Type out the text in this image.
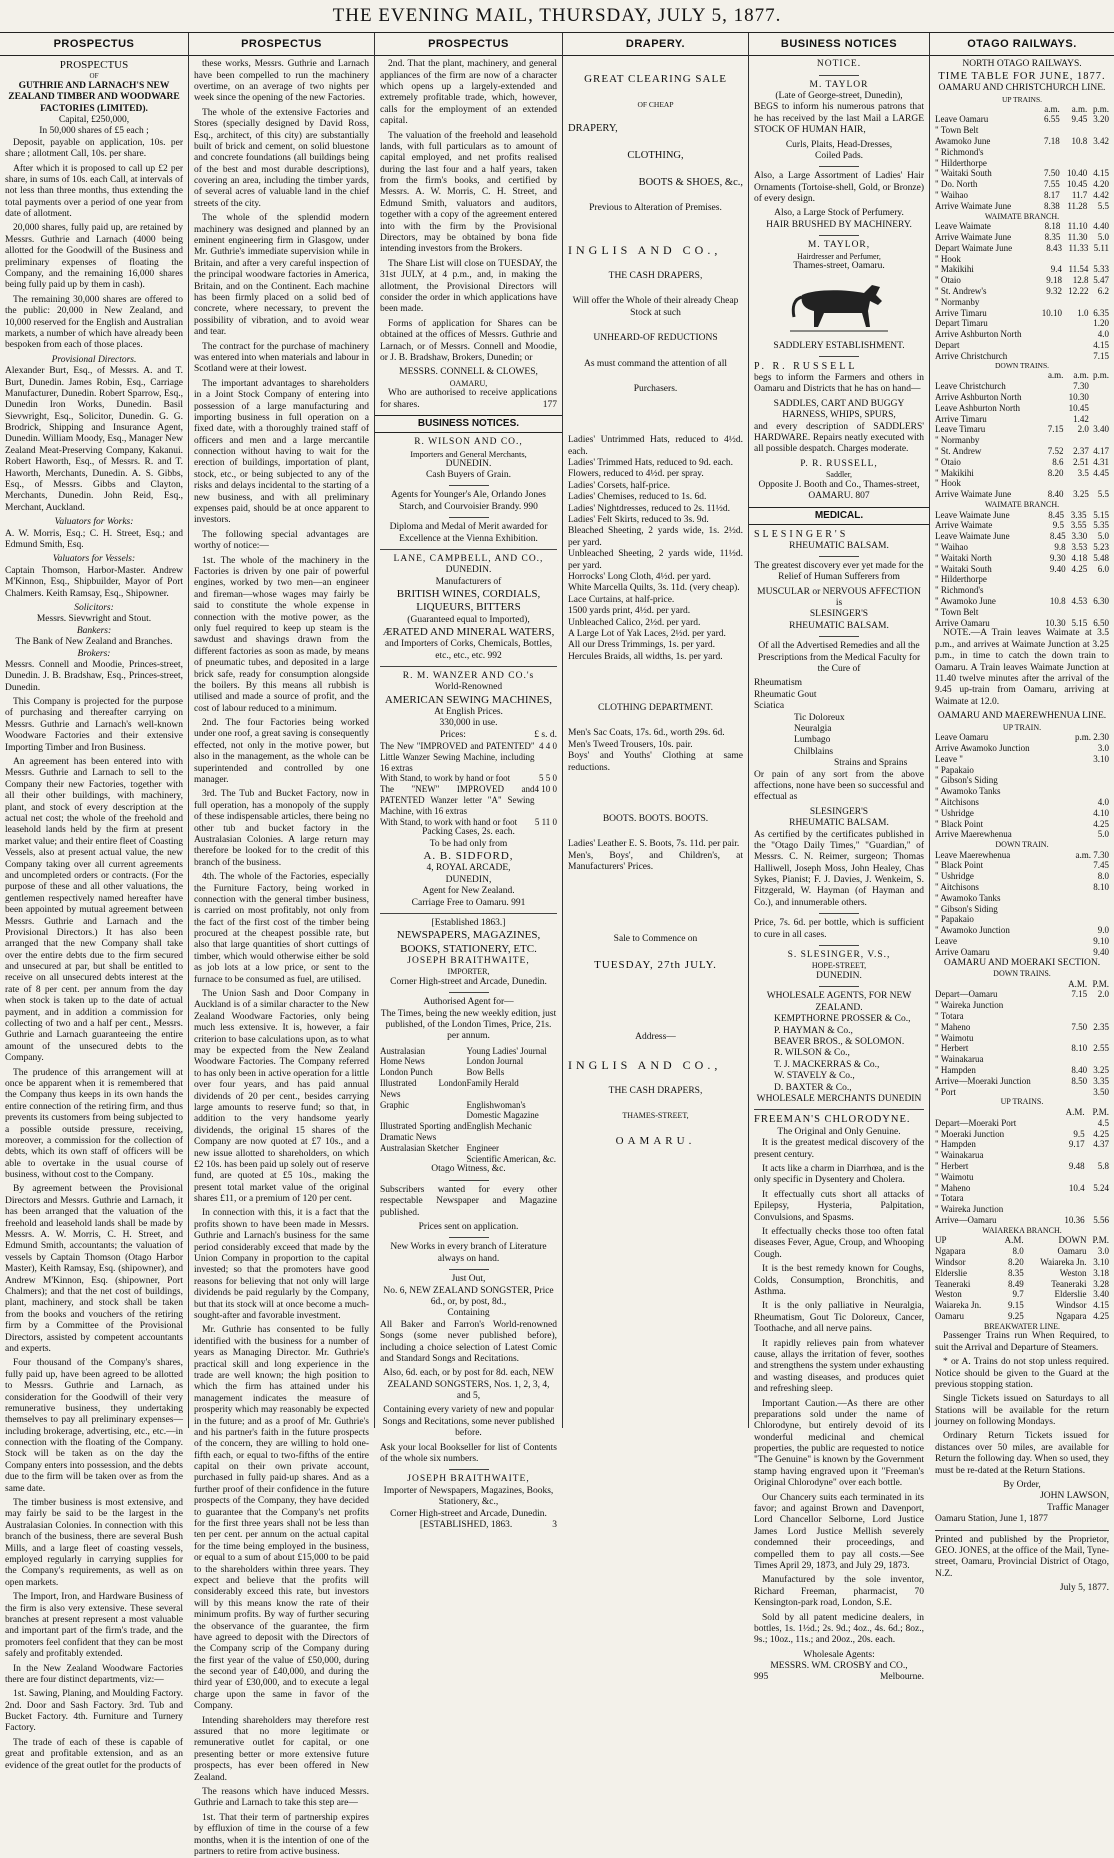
THE EVENING MAIL, THURSDAY, JULY 5, 1877.
PROSPECTUS
PROSPECTUS
OF
GUTHRIE AND LARNACH'S NEW ZEALAND TIMBER AND WOODWARE FACTORIES (LIMITED).
Capital, £250,000,
In 50,000 shares of £5 each ;

Deposit, payable on application, 10s. per share ; allotment Call, 10s. per share.

After which it is proposed to call up £2 per share, in sums of 10s. each Call, at intervals of not less than three months, thus extending the total payments over a period of one year from date of allotment.

20,000 shares, fully paid up, are retained by Messrs. Guthrie and Larnach (4000 being allotted for the Goodwill of the Business and preliminary expenses of floating the Company, and the remaining 16,000 shares being fully paid up by them in cash).

The remaining 30,000 shares are offered to the public: 20,000 in New Zealand, and 10,000 reserved for the English and Australian markets, a number of which have already been bespoken from each of those places.

Provisional Directors.

Alexander Burt, Esq., of Messrs. A. and T. Burt, Dunedin. James Robin, Esq., Carriage Manufacturer, Dunedin. Robert Sparrow, Esq., Dunedin Iron Works, Dunedin. Basil Sievwright, Esq., Solicitor, Dunedin. G. G. Brodrick, Shipping and Insurance Agent, Dunedin. William Moody, Esq., Manager New Zealand Meat-Preserving Company, Kakanui. Robert Haworth, Esq., of Messrs. R. and T. Haworth, Merchants, Dunedin. A. S. Gibbs, Esq., of Messrs. Gibbs and Clayton, Merchants, Dunedin. John Reid, Esq., Merchant, Auckland.

Valuators for Works:

A. W. Morris, Esq.; C. H. Street, Esq.; and Edmund Smith, Esq.

Valuators for Vessels:

Captain Thomson, Harbor-Master. Andrew M'Kinnon, Esq., Shipbuilder, Mayor of Port Chalmers. Keith Ramsay, Esq., Shipowner.

Solicitors:
Messrs. Sievwright and Stout.
Bankers:
The Bank of New Zealand and Branches.
Brokers:

Messrs. Connell and Moodie, Princes-street, Dunedin. J. B. Bradshaw, Esq., Princes-street, Dunedin.

This Company is projected for the purpose of purchasing and thereafter carrying on Messrs. Guthrie and Larnach's well-known Woodware Factories and their extensive Importing Timber and Iron Business.

An agreement has been entered into with Messrs. Guthrie and Larnach to sell to the Company their new Factories, together with all their other buildings, with machinery, plant, and stock of every description at the actual net cost; the whole of the freehold and leasehold lands held by the firm at present market value; and their entire fleet of Coasting Vessels, also at present actual value, the new Company taking over all current agreements and uncompleted orders or contracts. (For the purpose of these and all other valuations, the gentlemen respectively named hereafter have been appointed by mutual agreement between Messrs. Guthrie and Larnach and the Provisional Directors.) It has also been arranged that the new Company shall take over the entire debts due to the firm secured and unsecured at par, but shall be entitled to receive on all unsecured debts interest at the rate of 8 per cent. per annum from the day when stock is taken up to the date of actual payment, and in addition a commission for collecting of two and a half per cent., Messrs. Guthrie and Larnach guaranteeing the entire amount of the unsecured debts to the Company.

The prudence of this arrangement will at once be apparent when it is remembered that the Company thus keeps in its own hands the entire connection of the retiring firm, and thus prevents its customers from being subjected to a possible outside pressure, receiving, moreover, a commission for the collection of debts, which its own staff of officers will be able to overtake in the usual course of business, without cost to the Company.

By agreement between the Provisional Directors and Messrs. Guthrie and Larnach, it has been arranged that the valuation of the freehold and leasehold lands shall be made by Messrs. A. W. Morris, C. H. Street, and Edmund Smith, accountants; the valuation of vessels by Captain Thomson (Otago Harbor Master), Keith Ramsay, Esq. (shipowner), and Andrew M'Kinnon, Esq. (shipowner, Port Chalmers); and that the net cost of buildings, plant, machinery, and stock shall be taken from the books and vouchers of the retiring firm by a Committee of the Provisional Directors, assisted by competent accountants and experts.

Four thousand of the Company's shares, fully paid up, have been agreed to be allotted to Messrs. Guthrie and Larnach, as consideration for the Goodwill of their very remunerative business, they undertaking themselves to pay all preliminary expenses—including brokerage, advertising, etc., etc.—in connection with the floating of the Company. Stock will be taken as on the day the Company enters into possession, and the debts due to the firm will be taken over as from the same date.

The timber business is most extensive, and may fairly be said to be the largest in the Australasian Colonies. In connection with this branch of the business, there are several Bush Mills, and a large fleet of coasting vessels, employed regularly in carrying supplies for the Company's requirements, as well as on open markets.

The Import, Iron, and Hardware Business of the firm is also very extensive. These several branches at present represent a most valuable and important part of the firm's trade, and the promoters feel confident that they can be most safely and profitably extended.

In the New Zealand Woodware Factories there are four distinct departments, viz:—

1st. Sawing, Planing, and Moulding Factory. 2nd. Door and Sash Factory. 3rd. Tub and Bucket Factory. 4th. Furniture and Turnery Factory.

The trade of each of these is capable of great and profitable extension, and as an evidence of the great outlet for the products of

PROSPECTUS

these works, Messrs. Guthrie and Larnach have been compelled to run the machinery overtime, on an average of two nights per week since the opening of the new Factories.

The whole of the extensive Factories and Stores (specially designed by David Ross, Esq., architect, of this city) are substantially built of brick and cement, on solid bluestone and concrete foundations (all buildings being of the best and most durable descriptions), covering an area, including the timber yards, of several acres of valuable land in the chief streets of the city.

The whole of the splendid modern machinery was designed and planned by an eminent engineering firm in Glasgow, under Mr. Guthrie's immediate supervision while in Britain, and after a very careful inspection of the principal woodware factories in America, Britain, and on the Continent. Each machine has been firmly placed on a solid bed of concrete, where necessary, to prevent the possibility of vibration, and to avoid wear and tear.

The contract for the purchase of machinery was entered into when materials and labour in Scotland were at their lowest.

The important advantages to shareholders in a Joint Stock Company of entering into possession of a large manufacturing and importing business in full operation on a fixed date, with a thoroughly trained staff of officers and men and a large mercantile connection without having to wait for the erection of buildings, importation of plant, stock, etc., or being subjected to any of the risks and delays incidental to the starting of a new business, and with all preliminary expenses paid, should be at once apparent to investors.

The following special advantages are worthy of notice:—

1st. The whole of the machinery in the Factories is driven by one pair of powerful engines, worked by two men—an engineer and fireman—whose wages may fairly be said to constitute the whole expense in connection with the motive power, as the only fuel required to keep up steam is the sawdust and shavings drawn from the different factories as soon as made, by means of pneumatic tubes, and deposited in a large brick safe, ready for consumption alongside the boilers. By this means all rubbish is utilised and made a source of profit, and the cost of labour reduced to a minimum.

2nd. The four Factories being worked under one roof, a great saving is consequently effected, not only in the motive power, but also in the management, as the whole can be superintended and controlled by one manager.

3rd. The Tub and Bucket Factory, now in full operation, has a monopoly of the supply of these indispensable articles, there being no other tub and bucket factory in the Australasian Colonies. A large return may therefore be looked for to the credit of this branch of the business.

4th. The whole of the Factories, especially the Furniture Factory, being worked in connection with the general timber business, is carried on most profitably, not only from the fact of the first cost of the timber being procured at the cheapest possible rate, but also that large quantities of short cuttings of timber, which would otherwise either be sold as job lots at a low price, or sent to the furnace to be consumed as fuel, are utilised.

The Union Sash and Door Company in Auckland is of a similar character to the New Zealand Woodware Factories, only being much less extensive. It is, however, a fair criterion to base calculations upon, as to what may be expected from the New Zealand Woodware Factories. The Company referred to has only been in active operation for a little over four years, and has paid annual dividends of 20 per cent., besides carrying large amounts to reserve fund; so that, in addition to the very handsome yearly dividends, the original 15 shares of the Company are now quoted at £7 10s., and a new issue allotted to shareholders, on which £2 10s. has been paid up solely out of reserve fund, are quoted at £5 10s., making the present total market value of the original shares £11, or a premium of 120 per cent.

In connection with this, it is a fact that the profits shown to have been made in Messrs. Guthrie and Larnach's business for the same period considerably exceed that made by the Union Company in proportion to the capital invested; so that the promoters have good reasons for believing that not only will large dividends be paid regularly by the Company, but that its stock will at once become a much-sought-after and favorable investment.

Mr. Guthrie has consented to be fully identified with the business for a number of years as Managing Director. Mr. Guthrie's practical skill and long experience in the trade are well known; the high position to which the firm has attained under his management indicates the measure of prosperity which may reasonably be expected in the future; and as a proof of Mr. Guthrie's and his partner's faith in the future prospects of the concern, they are willing to hold one-fifth each, or equal to two-fifths of the entire capital on their own private account, purchased in fully paid-up shares. And as a further proof of their confidence in the future prospects of the Company, they have decided to guarantee that the Company's net profits for the first three years shall not be less than ten per cent. per annum on the actual capital for the time being employed in the business, or equal to a sum of about £15,000 to be paid to the shareholders within three years. They expect and believe that the profits will considerably exceed this rate, but investors will by this means know the rate of their minimum profits. By way of further securing the observance of the guarantee, the firm have agreed to deposit with the Directors of the Company scrip of the Company during the first year of the value of £50,000, during the second year of £40,000, and during the third year of £30,000, and to execute a legal charge upon the same in favor of the Company.

Intending shareholders may therefore rest assured that no more legitimate or remunerative outlet for capital, or one presenting better or more extensive future prospects, has ever been offered in New Zealand.

The reasons which have induced Messrs. Guthrie and Larnach to take this step are—

1st. That their term of partnership expires by effluxion of time in the course of a few months, when it is the intention of one of the partners to retire from active business.

PROSPECTUS

2nd. That the plant, machinery, and general appliances of the firm are now of a character which opens up a largely-extended and extremely profitable trade, which, however, calls for the employment of an extended capital.

The valuation of the freehold and leasehold lands, with full particulars as to amount of capital employed, and net profits realised during the last four and a half years, taken from the firm's books, and certified by Messrs. A. W. Morris, C. H. Street, and Edmund Smith, valuators and auditors, together with a copy of the agreement entered into with the firm by the Provisional Directors, may be obtained by bona fide intending investors from the Brokers.

The Share List will close on TUESDAY, the 31st JULY, at 4 p.m., and, in making the allotment, the Provisional Directors will consider the order in which applications have been made.

Forms of application for Shares can be obtained at the offices of Messrs. Guthrie and Larnach, or of Messrs. Connell and Moodie, or J. B. Bradshaw, Brokers, Dunedin; or

MESSRS. CONNELL & CLOWES,
OAMARU,

Who are authorised to receive applications for shares.	177

BUSINESS NOTICES.
R. WILSON AND CO.,
Importers and General Merchants,
DUNEDIN.
Cash Buyers of Grain.

Agents for Younger's Ale, Orlando Jones Starch, and Courvoisier Brandy. 990

Diploma and Medal of Merit awarded for Excellence at the Vienna Exhibition.

LANE, CAMPBELL, AND CO.,
DUNEDIN.
Manufacturers of
BRITISH WINES, CORDIALS, LIQUEURS, BITTERS
(Guaranteed equal to Imported),
ÆRATED AND MINERAL WATERS,
and Importers of Corks, Chemicals, Bottles, etc., etc., etc. 992
R. M. WANZER AND CO.'s
World-Renowned
AMERICAN SEWING MACHINES,
At English Prices.
330,000 in use.
Prices:	£ s. d.
The New "IMPROVED and PATENTED" Little Wanzer Sewing Machine, including 16 extras	4 4 0
With Stand, to work by hand or foot	5 5 0
The "NEW" IMPROVED and PATENTED Wanzer letter "A" Sewing Machine, with 16 extras	4 10 0
With Stand, to work with hand or foot	5 11 0
Packing Cases, 2s. each.
To be had only from
A. B. SIDFORD,
4, ROYAL ARCADE,
DUNEDIN,
Agent for New Zealand.
Carriage Free to Oamaru. 991
[Established 1863.]
NEWSPAPERS, MAGAZINES, BOOKS, STATIONERY, ETC.
JOSEPH BRAITHWAITE,
IMPORTER,
Corner High-street and Arcade, Dunedin.
Authorised Agent for—

The Times, being the new weekly edition, just published, of the London Times, Price, 21s. per annum.

Australasian	Young Ladies' Journal
Home News	London Journal
London Punch	Bow Bells
Illustrated London News	Family Herald
Graphic	Englishwoman's Domestic Magazine
Illustrated Sporting and Dramatic News	English Mechanic
Australasian Sketcher	Engineer
	Scientific American, &c.
Otago Witness, &c.

Subscribers wanted for every other respectable Newspaper and Magazine published.

Prices sent on application.

New Works in every branch of Literature always on hand.

Just Out,
No. 6, NEW ZEALAND SONGSTER, Price 6d., or, by post, 8d.,
Containing

All Baker and Farron's World-renowned Songs (some never published before), including a choice selection of Latest Comic and Standard Songs and Recitations.

Also, 6d. each, or by post for 8d. each, NEW ZEALAND SONGSTERS, Nos. 1, 2, 3, 4, and 5,

Containing every variety of new and popular Songs and Recitations, some never published before.

Ask your local Bookseller for list of Contents of the whole six numbers.

JOSEPH BRAITHWAITE,
Importer of Newspapers, Magazines, Books, Stationery, &c.,
Corner High-street and Arcade, Dunedin.
[ESTABLISHED, 1863.	3
DRAPERY.
GREAT CLEARING SALE
OF CHEAP
DRAPERY,
CLOTHING,
BOOTS & SHOES, &c.,
Previous to Alteration of Premises.
INGLIS AND CO.,
THE CASH DRAPERS,
Will offer the Whole of their already Cheap Stock at such
UNHEARD-OF REDUCTIONS
As must command the attention of all
Purchasers.
Ladies' Untrimmed Hats, reduced to 4½d. each.
Ladies' Trimmed Hats, reduced to 9d. each.
Flowers, reduced to 4½d. per spray.
Ladies' Corsets, half-price.
Ladies' Chemises, reduced to 1s. 6d.
Ladies' Nightdresses, reduced to 2s. 11½d.
Ladies' Felt Skirts, reduced to 3s. 9d.
Bleached Sheeting, 2 yards wide, 1s. 2½d. per yard.
Unbleached Sheeting, 2 yards wide, 11½d. per yard.
Horrocks' Long Cloth, 4½d. per yard.
White Marcella Quilts, 3s. 11d. (very cheap).
Lace Curtains, at half-price.
1500 yards print, 4½d. per yard.
Unbleached Calico, 2½d. per yard.
A Large Lot of Yak Laces, 2½d. per yard.
All our Dress Trimmings, 1s. per yard.
Hercules Braids, all widths, 1s. per yard.
CLOTHING DEPARTMENT.
Men's Sac Coats, 17s. 6d., worth 29s. 6d.
Men's Tweed Trousers, 10s. pair.
Boys' and Youths' Clothing at same reductions.
BOOTS. BOOTS. BOOTS.
Ladies' Leather E. S. Boots, 7s. 11d. per pair.
Men's, Boys', and Children's, at Manufacturers' Prices.
Sale to Commence on
TUESDAY, 27th JULY.
Address—
INGLIS AND CO.,
THE CASH DRAPERS,
THAMES-STREET,
OAMARU.
BUSINESS NOTICES
NOTICE.
M. TAYLOR
(Late of George-street, Dunedin),

BEGS to inform his numerous patrons that he has received by the last Mail a LARGE STOCK OF HUMAN HAIR,

Curls, Plaits, Head-Dresses,
Coiled Pads.

Also, a Large Assortment of Ladies' Hair Ornaments (Tortoise-shell, Gold, or Bronze) of every design.

Also, a Large Stock of Perfumery.
HAIR BRUSHED BY MACHINERY.
M. TAYLOR,
Hairdresser and Perfumer,
Thames-street, Oamaru.
SADDLERY ESTABLISHMENT.
P. R. RUSSELL

begs to inform the Farmers and others in Oamaru and Districts that he has on hand—

SADDLES, CART AND BUGGY HARNESS, WHIPS, SPURS,

and every description of SADDLERS' HARDWARE. Repairs neatly executed with all possible despatch. Charges moderate.

P. R. RUSSELL,
Saddler,
Opposite J. Booth and Co., Thames-street, OAMARU. 807
MEDICAL.
SLESINGER'S
RHEUMATIC BALSAM.

The greatest discovery ever yet made for the Relief of Human Sufferers from

MUSCULAR or NERVOUS AFFECTION
is
SLESINGER'S
RHEUMATIC BALSAM.

Of all the Advertised Remedies and all the Prescriptions from the Medical Faculty for the Cure of

Rheumatism
Rheumatic Gout
Sciatica
Tic Doloreux
Neuralgia
Lumbago
Chilblains
Strains and Sprains

Or pain of any sort from the above affections, none have been so successful and effectual as

SLESINGER'S
RHEUMATIC BALSAM.

As certified by the certificates published in the "Otago Daily Times," "Guardian," of Messrs. C. N. Reimer, surgeon; Thomas Halliwell, Joseph Moss, John Healey, Chas Sykes, Pianist; F. J. Davies, J. Wenkeim, S. Fitzgerald, W. Hayman (of Hayman and Co.), and innumerable others.

Price, 7s. 6d. per bottle, which is sufficient to cure in all cases.

S. SLESINGER, V.S.,
HOPE-STREET,
DUNEDIN.
WHOLESALE AGENTS, FOR NEW ZEALAND.
KEMPTHORNE PROSSER & Co.,
P. HAYMAN & Co.,
BEAVER BROS., & SOLOMON.
R. WILSON & Co.,
T. J. MACKERRAS & Co.,
W. STAVELY & Co.,
D. BAXTER & Co.,
WHOLESALE MERCHANTS DUNEDIN
FREEMAN'S CHLORODYNE.
The Original and Only Genuine.

It is the greatest medical discovery of the present century.

It acts like a charm in Diarrhœa, and is the only specific in Dysentery and Cholera.

It effectually cuts short all attacks of Epilepsy, Hysteria, Palpitation, Convulsions, and Spasms.

It effectually checks those too often fatal diseases Fever, Ague, Croup, and Whooping Cough.

It is the best remedy known for Coughs, Colds, Consumption, Bronchitis, and Asthma.

It is the only palliative in Neuralgia, Rheumatism, Gout Tic Doloreux, Cancer, Toothache, and all nerve pains.

It rapidly relieves pain from whatever cause, allays the irritation of fever, soothes and strengthens the system under exhausting and wasting diseases, and produces quiet and refreshing sleep.

Important Caution.—As there are other preparations sold under the name of Chlorodyne, but entirely devoid of its wonderful medicinal and chemical properties, the public are requested to notice "The Genuine" is known by the Government stamp having engraved upon it "Freeman's Original Chlorodyne" over each bottle.

Our Chancery suits each terminated in its favor; and against Brown and Davenport, Lord Chancellor Selborne, Lord Justice James Lord Justice Mellish severely condemned their proceedings, and compelled them to pay all costs.—See Times April 29, 1873, and July 29, 1873.

Manufactured by the sole inventor, Richard Freeman, pharmacist, 70 Kensington-park road, London, S.E.

Sold by all patent medicine dealers, in bottles, 1s. 1½d.; 2s. 9d.; 4oz., 4s. 6d.; 8oz., 9s.; 10oz., 11s.; and 20oz., 20s. each.

Wholesale Agents:
MESSRS. WM. CROSBY and CO.,
995	Melbourne.
OTAGO RAILWAYS.
NORTH OTAGO RAILWAYS.
TIME TABLE FOR JUNE, 1877.
OAMARU AND CHRISTCHURCH LINE.
UP TRAINS.
	a.m.	a.m.	p.m.
Leave Oamaru	6.55	9.45	3.20
" Town Belt			
Awamoko June	7.18	10.8	3.42
" Richmond's			
" Hilderthorpe			
" Waitaki South	7.50	10.40	4.15
" Do. North	7.55	10.45	4.20
" Waihao	8.17	11.7	4.42
Arrive Waimate June	8.38	11.28	5.5
WAIMATE BRANCH.
Leave Waimate	8.18	11.10	4.40
Arrive Waimate June	8.35	11.30	5.0
Depart Waimate June	8.43	11.33	5.11
" Hook			
" Makikihi	9.4	11.54	5.33
" Otaio	9.18	12.8	5.47
" St. Andrew's	9.32	12.22	6.2
" Normanby			
Arrive Timaru	10.10	1.0	6.35
Depart Timaru		1.20	
Arrive Ashburton North		4.0	
Depart		4.15	
Arrive Christchurch		7.15	
DOWN TRAINS.
	a.m.	a.m.	p.m.
Leave Christchurch		7.30	
Arrive Ashburton North		10.30	
Leave Ashburton North		10.45	
Arrive Timaru		1.42	
Leave Timaru	7.15	2.0	3.40
" Normanby			
" St. Andrew	7.52	2.37	4.17
" Otaio	8.6	2.51	4.31
" Makikihi	8.20	3.5	4.45
" Hook			
Arrive Waimate June	8.40	3.25	5.5
WAIMATE BRANCH.
Leave Waimate June	8.45	3.35	5.15
Arrive Waimate	9.5	3.55	5.35
Leave Waimate June	8.45	3.30	5.0
" Waihao	9.8	3.53	5.23
" Waitaki North	9.30	4.18	5.48
" Waitaki South	9.40	4.25	6.0
" Hilderthorpe			
" Richmond's			
" Awamoko June	10.8	4.53	6.30
" Town Belt			
Arrive Oamaru	10.30	5.15	6.50

NOTE.—A Train leaves Waimate at 3.5 p.m., and arrives at Waimate Junction at 3.25 p.m., in time to catch the down train to Oamaru. A Train leaves Waimate Junction at 11.40 twelve minutes after the arrival of the 9.45 up-train from Oamaru, arriving at Waimate at 12.0.

OAMARU AND MAEREWHENUA LINE.
UP TRAIN.
Leave Oamaru	p.m. 2.30
Arrive Awamoko Junction	3.0
Leave "	3.10
" Papakaio	
" Gibson's Siding	
" Awamoko Tanks	
" Aitchisons	4.0
" Ushridge	4.10
" Black Point	4.25
Arrive Maerewhenua	5.0
DOWN TRAIN.
Leave Maerewhenua	a.m. 7.30
" Black Point	7.45
" Ushridge	8.0
" Aitchisons	8.10
" Awamoko Tanks	
" Gibson's Siding	
" Papakaio	
" Awamoko Junction	9.0
Leave	9.10
Arrive Oamaru	9.40
OAMARU AND MOERAKI SECTION.
DOWN TRAINS.
	A.M.	P.M.
Depart—Oamaru	7.15	2.0
" Waireka Junction		
" Totara		
" Maheno	7.50	2.35
" Waimotu		
" Herbert	8.10	2.55
" Wainakarua		
" Hampden	8.40	3.25
Arrive—Moeraki Junction	8.50	3.35
" Port		3.50
UP TRAINS.
	A.M.	P.M.
Depart—Moeraki Port		4.5
" Moeraki Junction	9.5	4.25
" Hampden	9.17	4.37
" Wainakarua		
" Herbert	9.48	5.8
" Waimotu		
" Maheno	10.4	5.24
" Totara		
" Waireka Junction		
Arrive—Oamaru	10.36	5.56
WAIAREKA BRANCH.
UP	A.M.	DOWN	P.M.
Ngapara	8.0	Oamaru	3.0
Windsor	8.20	Waiareka Jn.	3.10
Elderslie	8.35	Weston	3.18
Teaneraki	8.49	Teaneraki	3.28
Weston	9.7	Elderslie	3.40
Waiareka Jn.	9.15	Windsor	4.15
Oamaru	9.25	Ngapara	4.25
BREAKWATER LINE.

Passenger Trains run When Required, to suit the Arrival and Departure of Steamers.

* or A. Trains do not stop unless required. Notice should be given to the Guard at the previous stopping station.

Single Tickets issued on Saturdays to all Stations will be available for the return journey on following Mondays.

Ordinary Return Tickets issued for distances over 50 miles, are available for Return the following day. When so used, they must be re-dated at the Return Stations.

By Order,
JOHN LAWSON,
Traffic Manager
Oamaru Station, June 1, 1877

Printed and published by the Proprietor, GEO. JONES, at the office of the Mail, Tyne-street, Oamaru, Provincial District of Otago, N.Z.

July 5, 1877.
